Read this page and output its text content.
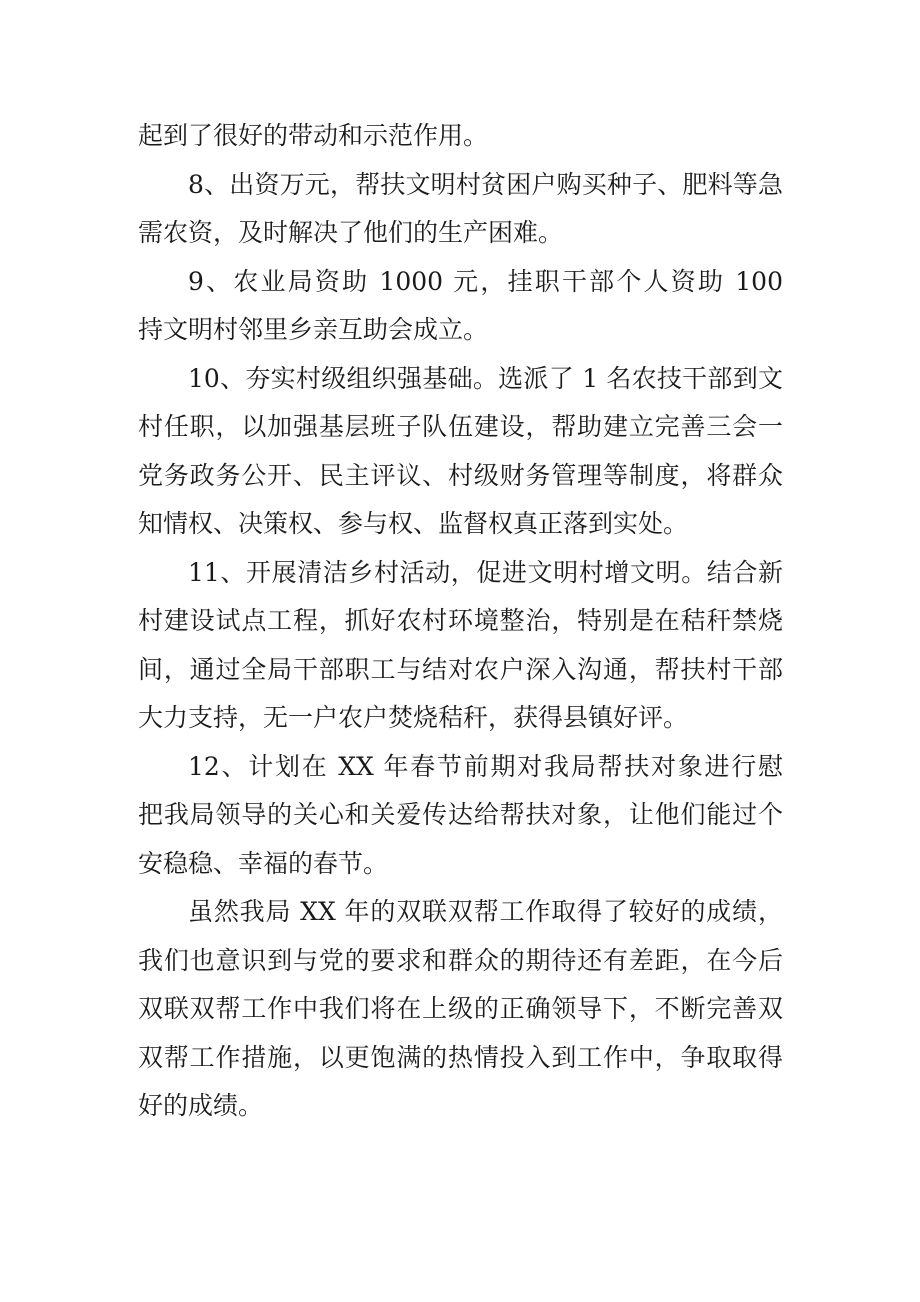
起到了很好的带动和示范作用。
8、出资万元，帮扶文明村贫困户购买种子、肥料等急
需农资，及时解决了他们的生产困难。
9、农业局资助 1000 元，挂职干部个人资助 100
持文明村邻里乡亲互助会成立。
10、夯实村级组织强基础。选派了 1 名农技干部到文
村任职，以加强基层班子队伍建设，帮助建立完善三会一
党务政务公开、民主评议、村级财务管理等制度，将群众
知情权、决策权、参与权、监督权真正落到实处。
11、开展清洁乡村活动，促进文明村增文明。结合新
村建设试点工程，抓好农村环境整治，特别是在秸秆禁烧
间，通过全局干部职工与结对农户深入沟通，帮扶村干部
大力支持，无一户农户焚烧秸秆，获得县镇好评。
12、计划在 XX 年春节前期对我局帮扶对象进行慰
把我局领导的关心和关爱传达给帮扶对象，让他们能过个
安稳稳、幸福的春节。
虽然我局 XX 年的双联双帮工作取得了较好的成绩，
我们也意识到与党的要求和群众的期待还有差距，在今后
双联双帮工作中我们将在上级的正确领导下，不断完善双
双帮工作措施，以更饱满的热情投入到工作中，争取取得
好的成绩。
